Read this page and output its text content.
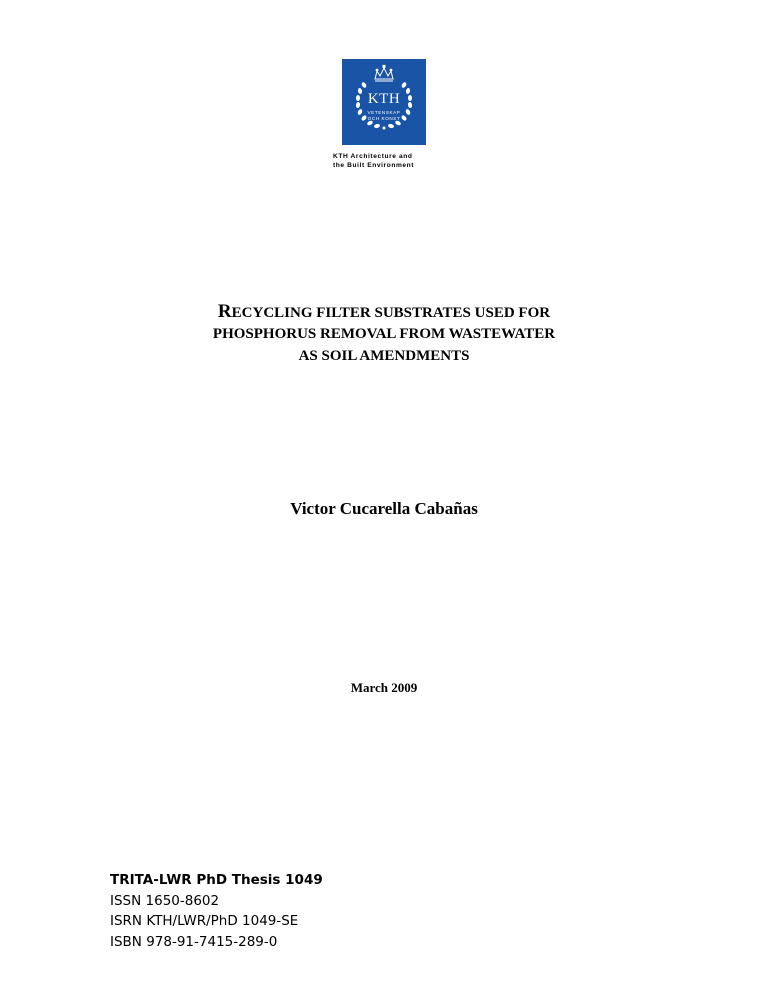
KTH
VETENSKAP
OCH KONST
KTH Architecture and
the Built Environment
RECYCLING FILTER SUBSTRATES USED FOR
PHOSPHORUS REMOVAL FROM WASTEWATER
AS SOIL AMENDMENTS
Victor Cucarella Cabañas
March 2009
TRITA-LWR PhD Thesis 1049
ISSN 1650-8602
ISRN KTH/LWR/PhD 1049-SE
ISBN 978-91-7415-289-0
